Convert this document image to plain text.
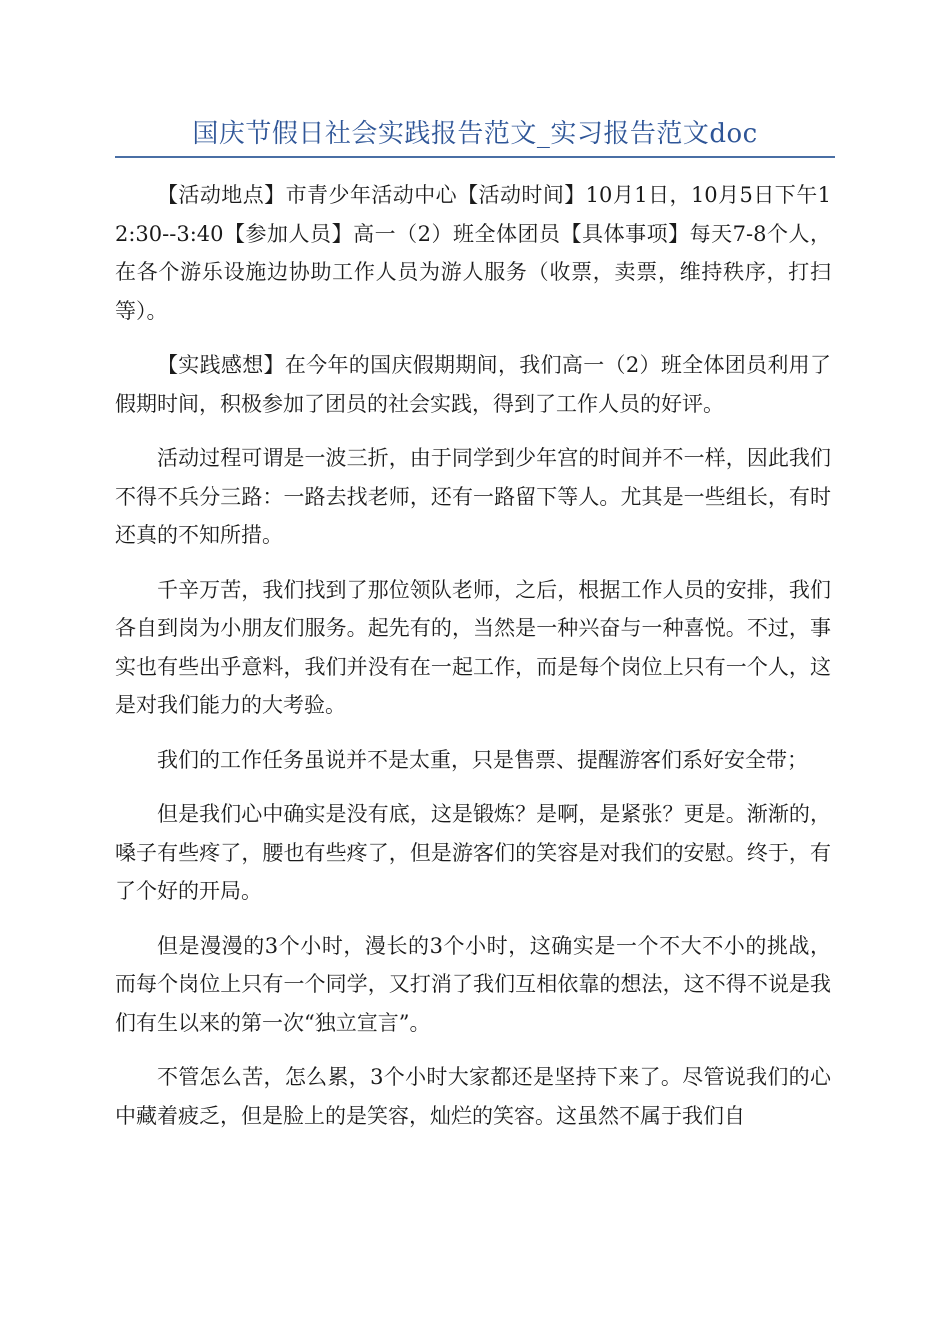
国庆节假日社会实践报告范文_实习报告范文doc

【活动地点】市青少年活动中心【活动时间】10月1日，10月5日下午12:30--3:40【参加人员】高一（2）班全体团员【具体事项】每天7-8个人，在各个游乐设施边协助工作人员为游人服务（收票，卖票，维持秩序，打扫等）。

【实践感想】在今年的国庆假期期间，我们高一（2）班全体团员利用了假期时间，积极参加了团员的社会实践，得到了工作人员的好评。

活动过程可谓是一波三折，由于同学到少年宫的时间并不一样，因此我们不得不兵分三路：一路去找老师，还有一路留下等人。尤其是一些组长，有时还真的不知所措。

千辛万苦，我们找到了那位领队老师，之后，根据工作人员的安排，我们各自到岗为小朋友们服务。起先有的，当然是一种兴奋与一种喜悦。不过，事实也有些出乎意料，我们并没有在一起工作，而是每个岗位上只有一个人，这是对我们能力的大考验。

我们的工作任务虽说并不是太重，只是售票、提醒游客们系好安全带；

但是我们心中确实是没有底，这是锻炼？是啊，是紧张？更是。渐渐的，嗓子有些疼了，腰也有些疼了，但是游客们的笑容是对我们的安慰。终于，有了个好的开局。

但是漫漫的3个小时，漫长的3个小时，这确实是一个不大不小的挑战，而每个岗位上只有一个同学，又打消了我们互相依靠的想法，这不得不说是我们有生以来的第一次“独立宣言”。

不管怎么苦，怎么累，3个小时大家都还是坚持下来了。尽管说我们的心中藏着疲乏，但是脸上的是笑容，灿烂的笑容。这虽然不属于我们自
